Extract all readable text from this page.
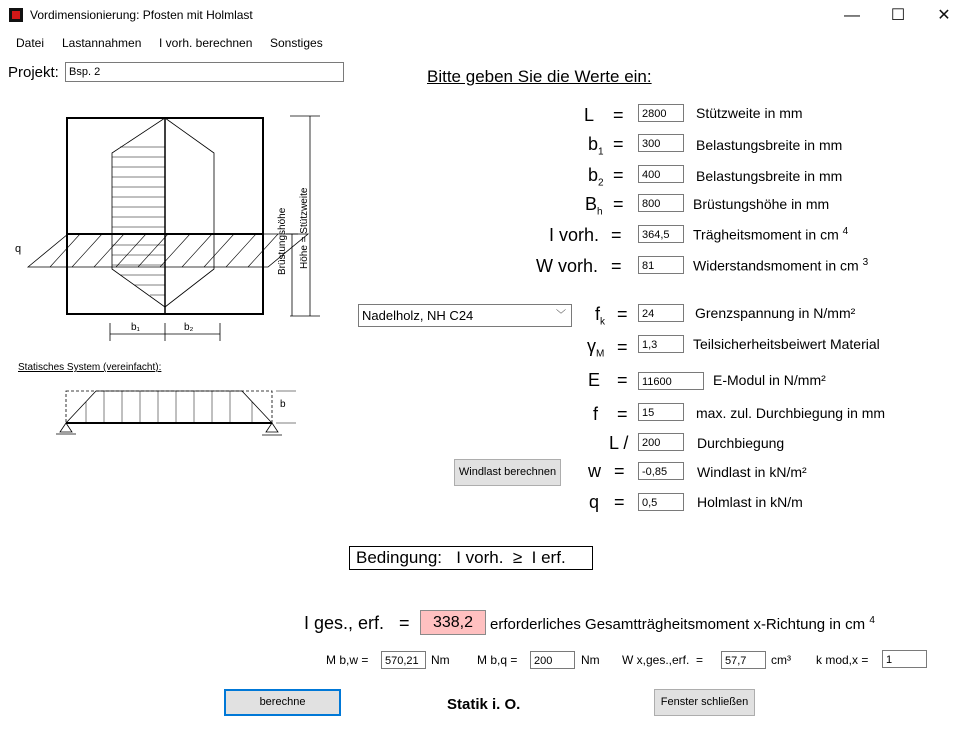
Vordimensionierung: Pfosten mit Holmlast	—	☐	✕
Datei Lastannahmen I vorh. berechnen Sonstiges
Projekt: Bsp. 2	Bitte geben Sie die Werte ein:
q
b₁	b₂
Brüstungshöhe Höhe = Stützweite
Statisches System (vereinfacht):
b
Nadelholz, NH C24	﹀
L =	2800	Stützweite in mm
$b_1$ =	300	Belastungsbreite in mm
$b_2$ =	400	Belastungsbreite in mm
$B_h$ =	800	Brüstungshöhe in mm
I vorh. =	364,5	Trägheitsmoment in cm $^4$
W vorh. =	81	Widerstandsmoment in cm $^3$
$f_k$ =	24	Grenzspannung in N/mm²
$\gamma_M$ =	1,3	Teilsicherheitsbeiwert Material
E =	11600	E-Modul in N/mm²
f =	15	max. zul. Durchbiegung in mm
L /	200	Durchbiegung
Windlast berechnen w =	-0,85	Windlast in kN/m²
q =	0,5	Holmlast in kN/m
Bedingung:   I vorh.  ≥  I erf.
I ges., erf. =	338,2	erforderliches Gesamtträgheitsmoment x-Richtung in cm $^4$
M b,w =	570,21	Nm M b,q =	200	Nm W x,ges.,erf.  =	57,7	cm³ k mod,x =	1
berechne	Statik i. O.	Fenster schließen
